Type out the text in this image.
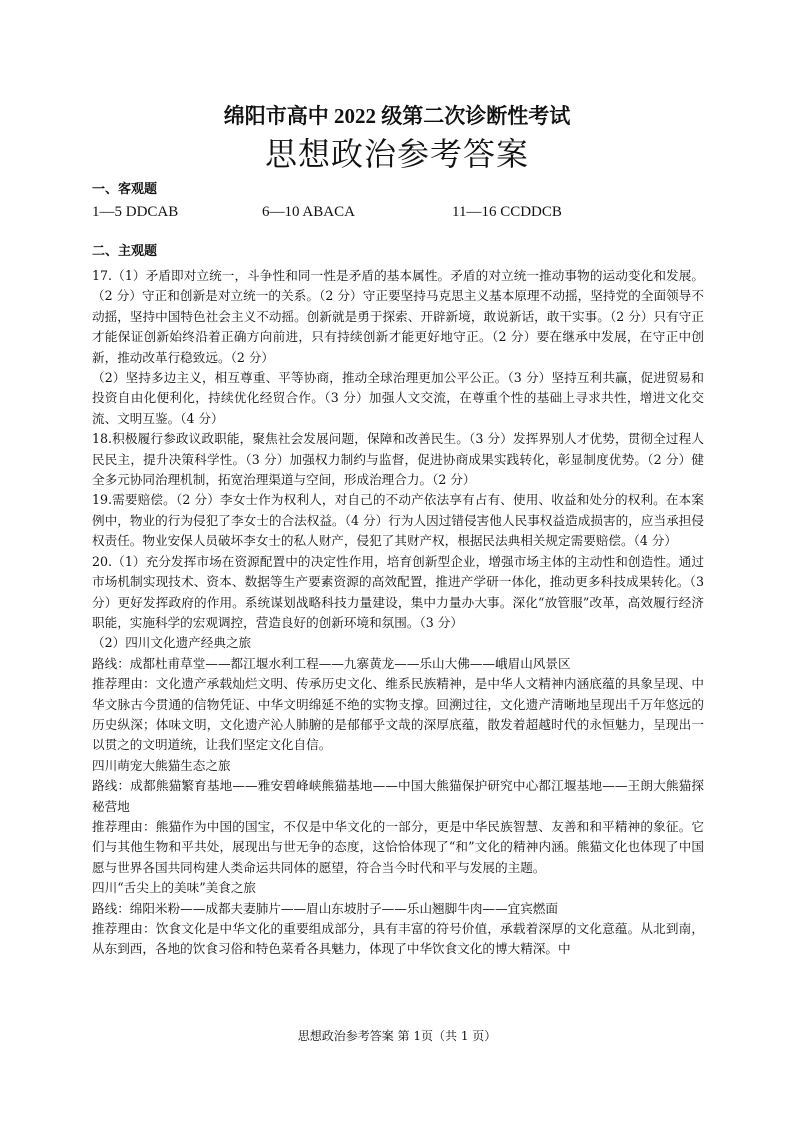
绵阳市高中 2022 级第二次诊断性考试
思想政治参考答案
一、客观题
1—5 DDCAB	6—10 ABACA	11—16 CCDDCB
二、主观题

17.（1）矛盾即对立统一，斗争性和同一性是矛盾的基本属性。矛盾的对立统一推动事物的运动变化和发展。（2 分）守正和创新是对立统一的关系。（2 分）守正要坚持马克思主义基本原理不动摇，坚持党的全面领导不动摇，坚持中国特色社会主义不动摇。创新就是勇于探索、开辟新境，敢说新话，敢干实事。（2 分）只有守正才能保证创新始终沿着正确方向前进，只有持续创新才能更好地守正。（2 分）要在继承中发展，在守正中创新，推动改革行稳致远。（2 分）

（2）坚持多边主义，相互尊重、平等协商，推动全球治理更加公平公正。（3 分）坚持互利共赢，促进贸易和投资自由化便利化，持续优化经贸合作。（3 分）加强人文交流，在尊重个性的基础上寻求共性，增进文化交流、文明互鉴。（4 分）

18.积极履行参政议政职能，聚焦社会发展问题，保障和改善民生。（3 分）发挥界别人才优势，贯彻全过程人民民主，提升决策科学性。（3 分）加强权力制约与监督，促进协商成果实践转化，彰显制度优势。（2 分）健全多元协同治理机制，拓宽治理渠道与空间，形成治理合力。（2 分）

19.需要赔偿。（2 分）李女士作为权利人，对自己的不动产依法享有占有、使用、收益和处分的权利。在本案例中，物业的行为侵犯了李女士的合法权益。（4 分）行为人因过错侵害他人民事权益造成损害的，应当承担侵权责任。物业安保人员破坏李女士的私人财产，侵犯了其财产权，根据民法典相关规定需要赔偿。（4 分）

20.（1）充分发挥市场在资源配置中的决定性作用，培育创新型企业，增强市场主体的主动性和创造性。通过市场机制实现技术、资本、数据等生产要素资源的高效配置，推进产学研一体化，推动更多科技成果转化。（3 分）更好发挥政府的作用。系统谋划战略科技力量建设，集中力量办大事。深化“放管服”改革，高效履行经济职能，实施科学的宏观调控，营造良好的创新环境和氛围。（3 分）

（2）四川文化遗产经典之旅

路线：成都杜甫草堂——都江堰水利工程——九寨黄龙——乐山大佛——峨眉山风景区

推荐理由：文化遗产承载灿烂文明、传承历史文化、维系民族精神，是中华人文精神内涵底蕴的具象呈现、中华文脉古今贯通的信物凭证、中华文明绵延不绝的实物支撑。回溯过往，文化遗产清晰地呈现出千万年悠远的历史纵深；体味文明，文化遗产沁人肺腑的是郁郁乎文哉的深厚底蕴，散发着超越时代的永恒魅力，呈现出一以贯之的文明道统，让我们坚定文化自信。

四川萌宠大熊猫生态之旅

路线：成都熊猫繁育基地——雅安碧峰峡熊猫基地——中国大熊猫保护研究中心都江堰基地——王朗大熊猫探秘营地

推荐理由：熊猫作为中国的国宝，不仅是中华文化的一部分，更是中华民族智慧、友善和和平精神的象征。它们与其他生物和平共处，展现出与世无争的态度，这恰恰体现了“和”文化的精神内涵。熊猫文化也体现了中国愿与世界各国共同构建人类命运共同体的愿望，符合当今时代和平与发展的主题。

四川“舌尖上的美味”美食之旅

路线：绵阳米粉——成都夫妻肺片——眉山东坡肘子——乐山翘脚牛肉——宜宾燃面

推荐理由：饮食文化是中华文化的重要组成部分，具有丰富的符号价值，承载着深厚的文化意蕴。从北到南，从东到西，各地的饮食习俗和特色菜肴各具魅力，体现了中华饮食文化的博大精深。中

思想政治参考答案 第 1页（共 1 页）
